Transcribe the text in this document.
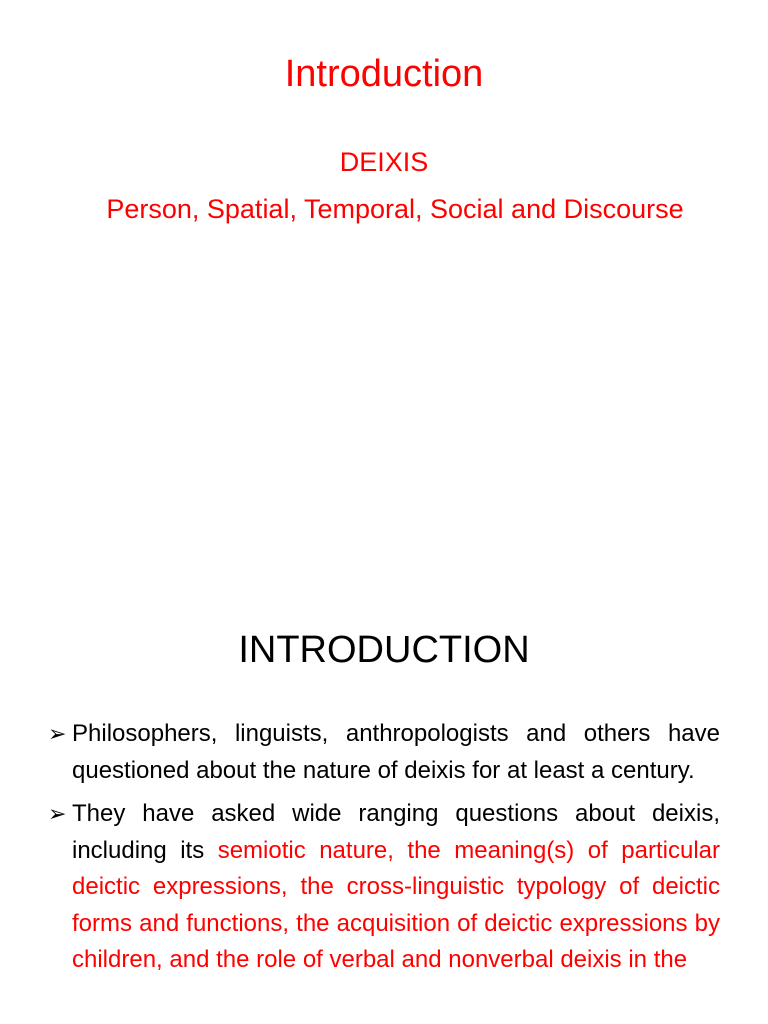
Introduction
DEIXIS
Person, Spatial, Temporal, Social and Discourse
INTRODUCTION
➢ Philosophers, linguists, anthropologists and others have questioned about the nature of deixis for at least a century.
➢ They have asked wide ranging questions about deixis, including its semiotic nature, the meaning(s) of particular deictic expressions, the cross-linguistic typology of deictic forms and functions, the acquisition of deictic expressions by children, and the role of verbal and nonverbal deixis in the
